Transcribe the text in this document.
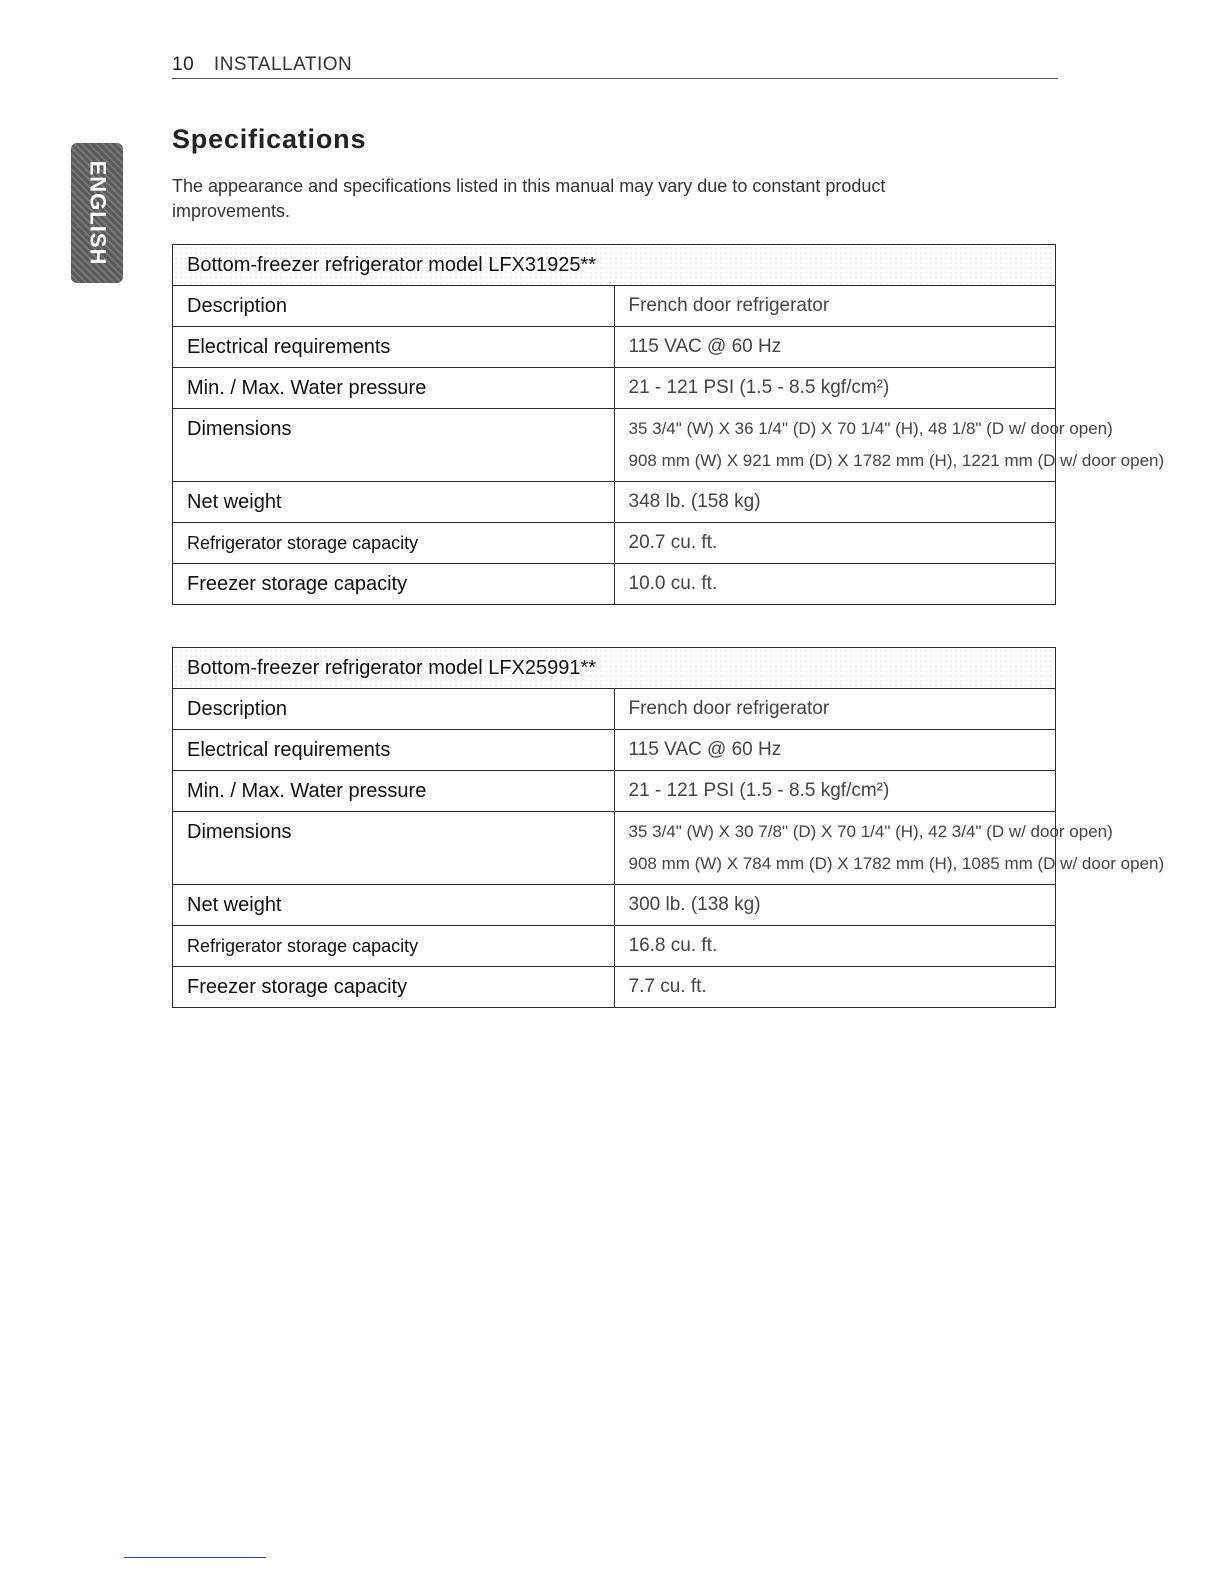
10 INSTALLATION
ENGLISH
Specifications

The appearance and specifications listed in this manual may vary due to constant product improvements.

Bottom-freezer refrigerator model LFX31925**	
Description	French door refrigerator
Electrical requirements	115 VAC @ 60 Hz
Min. / Max. Water pressure	21 - 121 PSI (1.5 - 8.5 kgf/cm²)
Dimensions	35 3/4" (W) X 36 1/4" (D) X 70 1/4" (H), 48 1/8" (D w/ door open)
908 mm (W) X 921 mm (D) X 1782 mm (H), 1221 mm (D w/ door open)

Net weight	348 lb. (158 kg)
Refrigerator storage capacity	20.7 cu. ft.
Freezer storage capacity	10.0 cu. ft.
Bottom-freezer refrigerator model LFX25991**	
Description	French door refrigerator
Electrical requirements	115 VAC @ 60 Hz
Min. / Max. Water pressure	21 - 121 PSI (1.5 - 8.5 kgf/cm²)
Dimensions	35 3/4" (W) X 30 7/8" (D) X 70 1/4" (H), 42 3/4" (D w/ door open)
908 mm (W) X 784 mm (D) X 1782 mm (H), 1085 mm (D w/ door open)

Net weight	300 lb. (138 kg)
Refrigerator storage capacity	16.8 cu. ft.
Freezer storage capacity	7.7 cu. ft.
